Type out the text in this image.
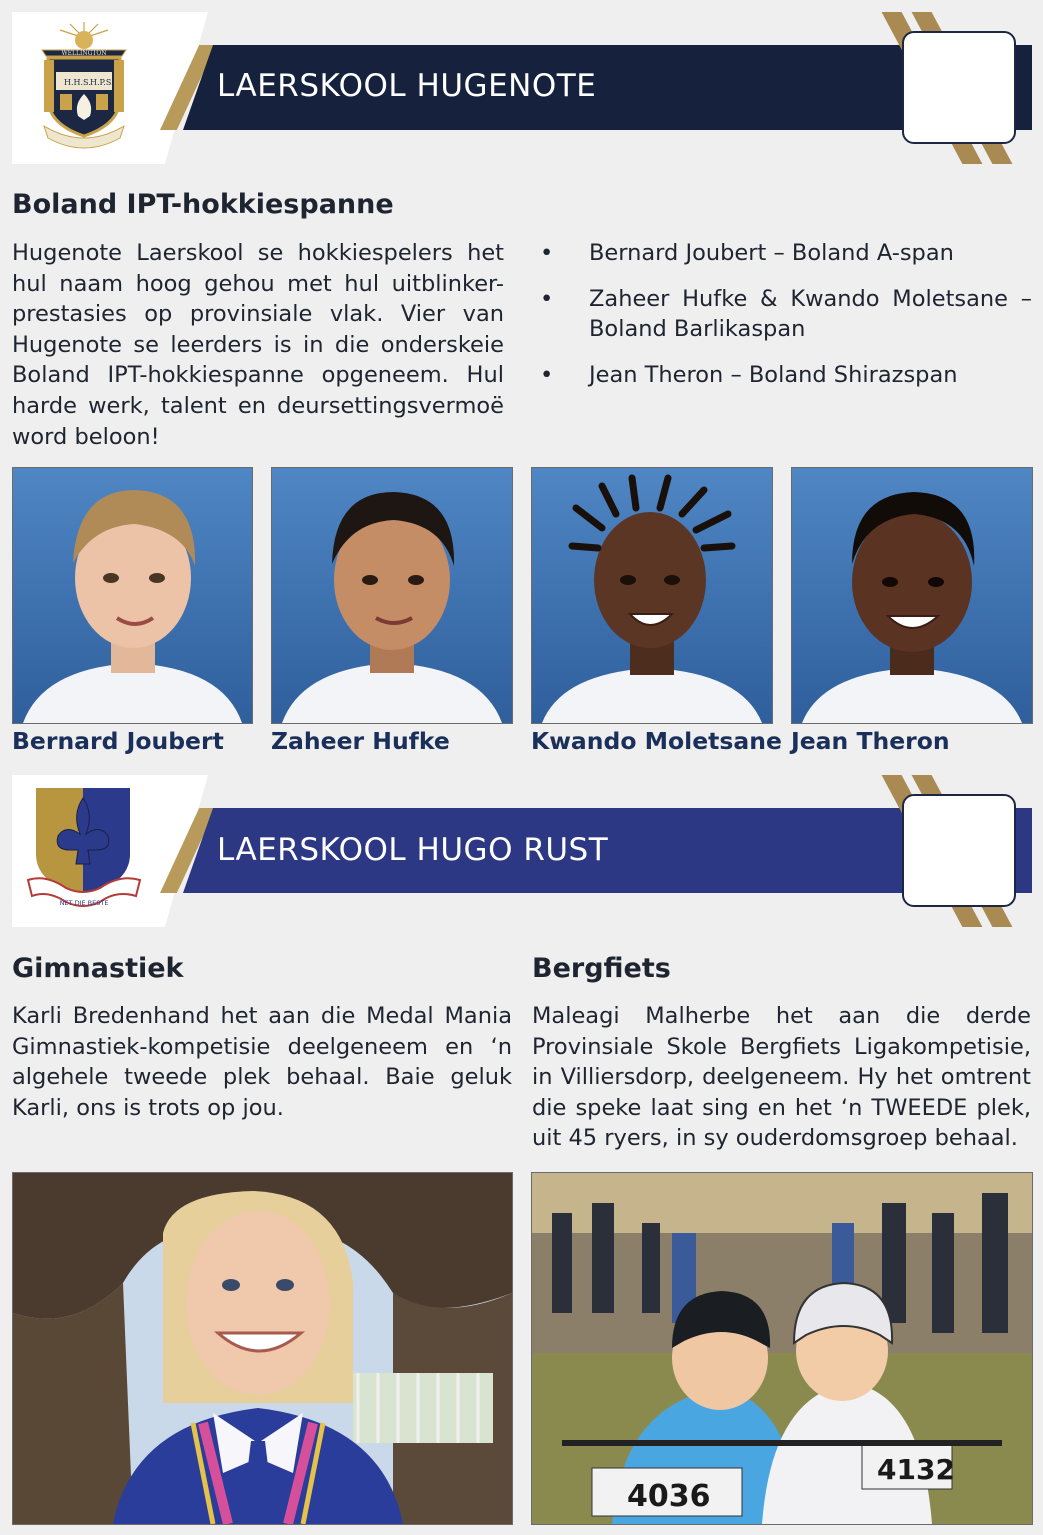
LAERSKOOL HUGENOTE
H.H.S. H.P.S.
WELLINGTON
Boland IPT-hokkiespanne

Hugenote Laerskool se hokkiespelers het hul naam hoog gehou met hul uitblinker-prestasies op provinsiale vlak. Vier van Hugenote se leerders is in die onderskeie Boland IPT-hokkiespanne opgeneem. Hul harde werk, talent en deursettingsvermoë word beloon!

• Bernard Joubert – Boland A-span
• Zaheer Hufke & Kwando Moletsane – Boland Barlikaspan
• Jean Theron – Boland Shirazspan
Bernard Joubert Zaheer Hufke	Kwando Moletsane Jean Theron
LAERSKOOL HUGO RUST
NET DIE BESTE
Gimnastiek

Karli Bredenhand het aan die Medal Mania Gimnastiek-kompetisie deelgeneem en ‘n algehele tweede plek behaal. Baie geluk Karli, ons is trots op jou.

Bergfiets

Maleagi Malherbe het aan die derde Provinsiale Skole Bergfiets Ligakompetisie, in Villiersdorp, deelgeneem. Hy het omtrent die speke laat sing en het ‘n TWEEDE plek, uit 45 ryers, in sy ouderdomsgroep behaal.

4036
4132
